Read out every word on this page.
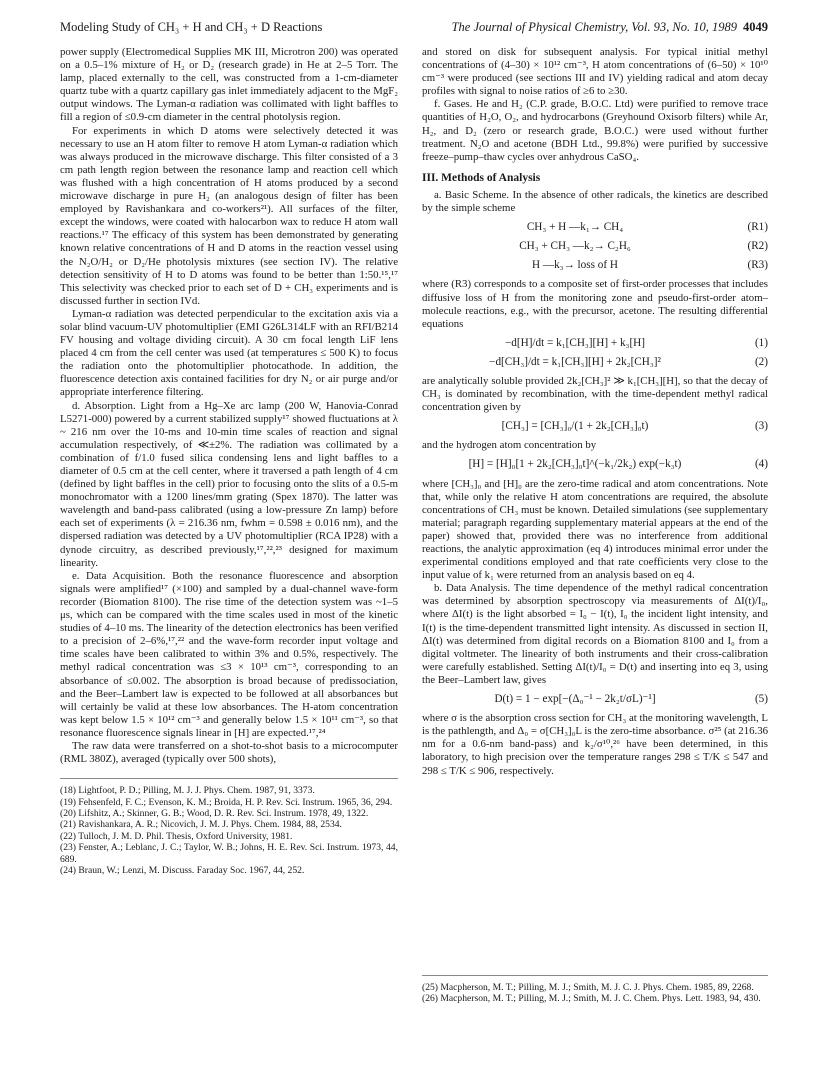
Modeling Study of CH₃ + H and CH₃ + D Reactions	The Journal of Physical Chemistry, Vol. 93, No. 10, 1989 4049

power supply (Electromedical Supplies MK III, Microtron 200) was operated on a 0.5–1% mixture of H₂ or D₂ (research grade) in He at 2–5 Torr. The lamp, placed externally to the cell, was constructed from a 1-cm-diameter quartz tube with a quartz capillary gas inlet immediately adjacent to the MgF₂ output windows. The Lyman-α radiation was collimated with light baffles to fill a region of ≤0.9-cm diameter in the central photolysis region.

For experiments in which D atoms were selectively detected it was necessary to use an H atom filter to remove H atom Lyman-α radiation which was always produced in the microwave discharge. This filter consisted of a 3 cm path length region between the resonance lamp and reaction cell which was flushed with a high concentration of H atoms produced by a second microwave discharge in pure H₂ (an analogous design of filter has been employed by Ravishankara and co-workers²¹). All surfaces of the filter, except the windows, were coated with halocarbon wax to reduce H atom wall reactions.¹⁷ The efficacy of this system has been demonstrated by generating known relative concentrations of H and D atoms in the reaction vessel using the N₂O/H₂ or D₂/He photolysis mixtures (see section IV). The relative detection sensitivity of H to D atoms was found to be better than 1:50.¹⁵,¹⁷ This selectivity was checked prior to each set of D + CH₃ experiments and is discussed further in section IVd.

Lyman-α radiation was detected perpendicular to the excitation axis via a solar blind vacuum-UV photomultiplier (EMI G26L314LF with an RFI/B214 FV housing and voltage dividing circuit). A 30 cm focal length LiF lens placed 4 cm from the cell center was used (at temperatures ≤ 500 K) to focus the radiation onto the photomultiplier photocathode. In addition, the fluorescence detection axis contained facilities for dry N₂ or air purge and/or appropriate interference filtering.

d. Absorption. Light from a Hg–Xe arc lamp (200 W, Hanovia-Conrad L5271-000) powered by a current stabilized supply¹⁷ showed fluctuations at λ ~ 216 nm over the 10-ms and 10-min time scales of reaction and signal accumulation respectively, of ≪±2%. The radiation was collimated by a combination of f/1.0 fused silica condensing lens and light baffles to a diameter of 0.5 cm at the cell center, where it traversed a path length of 4 cm (defined by light baffles in the cell) prior to focusing onto the slits of a 0.5-m monochromator with a 1200 lines/mm grating (Spex 1870). The latter was wavelength and band-pass calibrated (using a low-pressure Zn lamp) before each set of experiments (λ = 216.36 nm, fwhm = 0.598 ± 0.016 nm), and the dispersed radiation was detected by a UV photomultiplier (RCA IP28) with a dynode circuitry, as described previously,¹⁷,²²,²³ designed for maximum linearity.

e. Data Acquisition. Both the resonance fluorescence and absorption signals were amplified¹⁷ (×100) and sampled by a dual-channel wave-form recorder (Biomation 8100). The rise time of the detection system was ~1–5 μs, which can be compared with the time scales used in most of the kinetic studies of 4–10 ms. The linearity of the detection electronics has been verified to a precision of 2–6%,¹⁷,²² and the wave-form recorder input voltage and time scales have been calibrated to within 3% and 0.5%, respectively. The methyl radical concentration was ≤3 × 10¹³ cm⁻³, corresponding to an absorbance of ≤0.002. The absorption is broad because of predissociation, and the Beer–Lambert law is expected to be followed at all absorbances but will certainly be valid at these low absorbances. The H-atom concentration was kept below 1.5 × 10¹² cm⁻³ and generally below 1.5 × 10¹¹ cm⁻³, so that resonance fluorescence signals linear in [H] are expected.¹⁷,²⁴

The raw data were transferred on a shot-to-shot basis to a microcomputer (RML 380Z), averaged (typically over 500 shots),

(18) Lightfoot, P. D.; Pilling, M. J. J. Phys. Chem. 1987, 91, 3373.
(19) Fehsenfeld, F. C.; Evenson, K. M.; Broida, H. P. Rev. Sci. Instrum. 1965, 36, 294.
(20) Lifshitz, A.; Skinner, G. B.; Wood, D. R. Rev. Sci. Instrum. 1978, 49, 1322.
(21) Ravishankara, A. R.; Nicovich, J. M. J. Phys. Chem. 1984, 88, 2534.
(22) Tulloch, J. M. D. Phil. Thesis, Oxford University, 1981.
(23) Fenster, A.; Leblanc, J. C.; Taylor, W. B.; Johns, H. E. Rev. Sci. Instrum. 1973, 44, 689.
(24) Braun, W.; Lenzi, M. Discuss. Faraday Soc. 1967, 44, 252.

and stored on disk for subsequent analysis. For typical initial methyl concentrations of (4–30) × 10¹² cm⁻³, H atom concentrations of (6–50) × 10¹⁰ cm⁻³ were produced (see sections III and IV) yielding radical and atom decay profiles with signal to noise ratios of ≥6 to ≥30.

f. Gases. He and H₂ (C.P. grade, B.O.C. Ltd) were purified to remove trace quantities of H₂O, O₂, and hydrocarbons (Greyhound Oxisorb filters) while Ar, H₂, and D₂ (zero or research grade, B.O.C.) were used without further treatment. N₂O and acetone (BDH Ltd., 99.8%) were purified by successive freeze–pump–thaw cycles over anhydrous CaSO₄.

III. Methods of Analysis

a. Basic Scheme. In the absence of other radicals, the kinetics are described by the simple scheme

CH₃ + H —k₁→ CH₄	(R1)
CH₃ + CH₃ —k₂→ C₂H₆	(R2)
H —k₃→ loss of H	(R3)

where (R3) corresponds to a composite set of first-order processes that includes diffusive loss of H from the monitoring zone and pseudo-first-order atom–molecule reactions, e.g., with the precursor, acetone. The resulting differential equations

−d[H]/dt = k₁[CH₃][H] + k₃[H]	(1)
−d[CH₃]/dt = k₁[CH₃][H] + 2k₂[CH₃]²	(2)

are analytically soluble provided 2k₂[CH₃]² ≫ k₁[CH₃][H], so that the decay of CH₃ is dominated by recombination, with the time-dependent methyl radical concentration given by

[CH₃] = [CH₃]₀/(1 + 2k₂[CH₃]₀t)	(3)

and the hydrogen atom concentration by

[H] = [H]₀[1 + 2k₂[CH₃]₀t]^(−k₁/2k₂) exp(−k₃t)	(4)

where [CH₃]₀ and [H]₀ are the zero-time radical and atom concentrations. Note that, while only the relative H atom concentrations are required, the absolute concentrations of CH₃ must be known. Detailed simulations (see supplementary material; paragraph regarding supplementary material appears at the end of the paper) showed that, provided there was no interference from additional reactions, the analytic approximation (eq 4) introduces minimal error under the experimental conditions employed and that rate coefficients very close to the input value of k₁ were returned from an analysis based on eq 4.

b. Data Analysis. The time dependence of the methyl radical concentration was determined by absorption spectroscopy via measurements of ΔI(t)/I₀, where ΔI(t) is the light absorbed = I₀ − I(t), I₀ the incident light intensity, and I(t) is the time-dependent transmitted light intensity. As discussed in section II, ΔI(t) was determined from digital records on a Biomation 8100 and I₀ from a digital voltmeter. The linearity of both instruments and their cross-calibration were carefully established. Setting ΔI(t)/I₀ = D(t) and inserting into eq 3, using the Beer–Lambert law, gives

D(t) = 1 − exp[−(Δ₀⁻¹ − 2k₂t/σL)⁻¹]	(5)

where σ is the absorption cross section for CH₃ at the monitoring wavelength, L is the pathlength, and Δ₀ = σ[CH₃]₀L is the zero-time absorbance. σ²⁵ (at 216.36 nm for a 0.6-nm band-pass) and k₂/σ¹⁰,²⁶ have been determined, in this laboratory, to high precision over the temperature ranges 298 ≤ T/K ≤ 547 and 298 ≤ T/K ≤ 906, respectively.

(25) Macpherson, M. T.; Pilling, M. J.; Smith, M. J. C. J. Phys. Chem. 1985, 89, 2268.
(26) Macpherson, M. T.; Pilling, M. J.; Smith, M. J. C. Chem. Phys. Lett. 1983, 94, 430.
